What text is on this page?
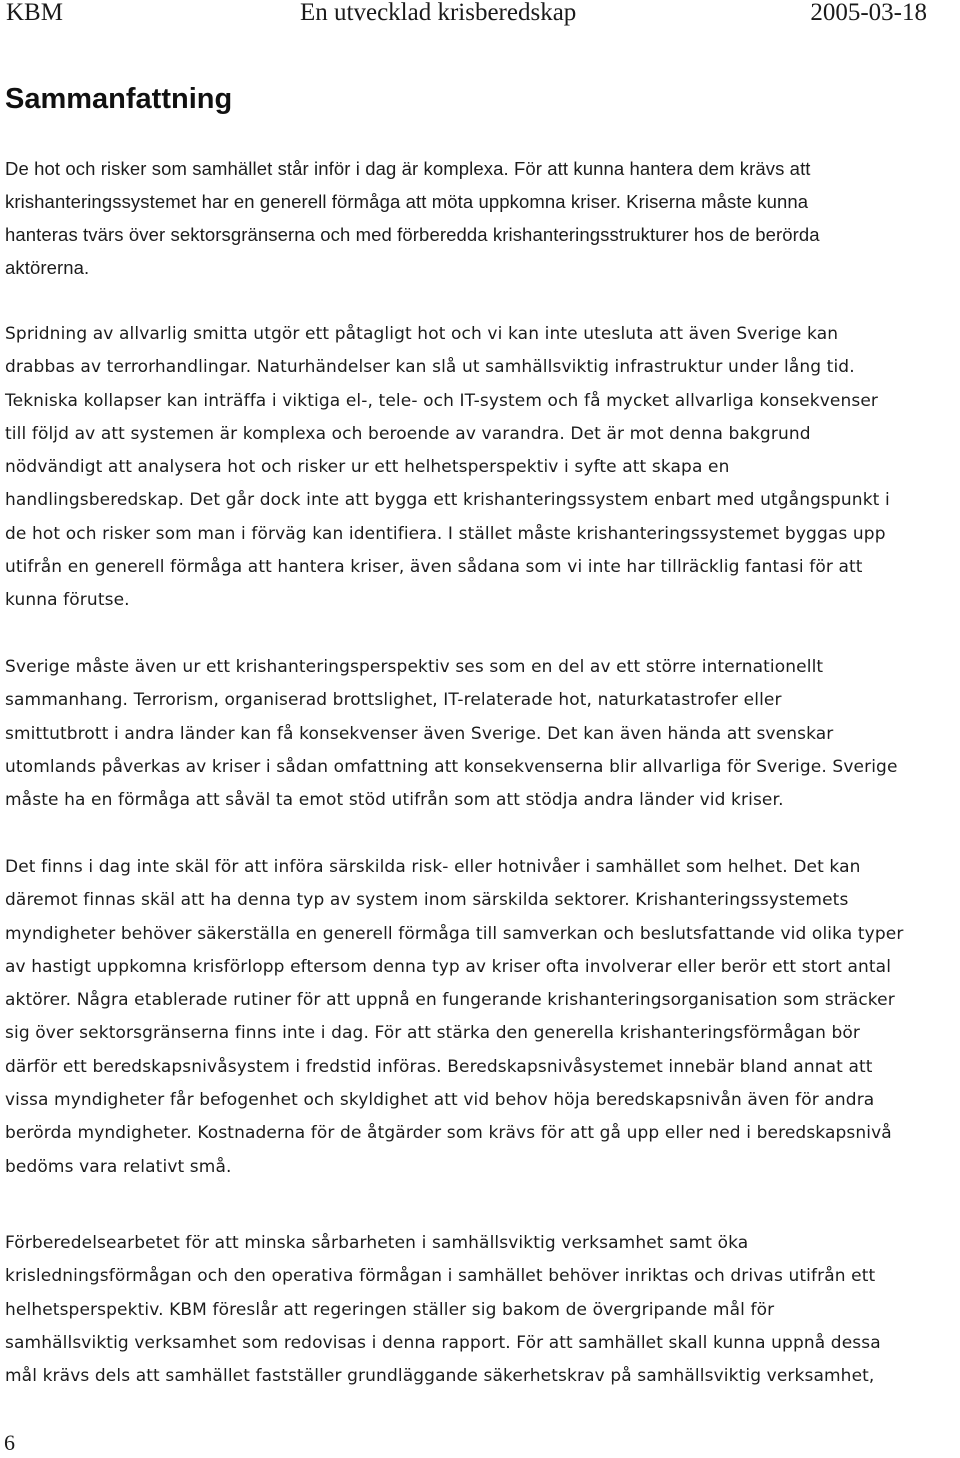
KBM	En utvecklad krisberedskap	2005-03-18
Sammanfattning

De hot och risker som samhället står inför i dag är komplexa. För att kunna hantera dem krävs att
krishanteringssystemet har en generell förmåga att möta uppkomna kriser. Kriserna måste kunna
hanteras tvärs över sektorsgränserna och med förberedda krishanteringsstrukturer hos de berörda
aktörerna.

Spridning av allvarlig smitta utgör ett påtagligt hot och vi kan inte utesluta att även Sverige kan
drabbas av terrorhandlingar. Naturhändelser kan slå ut samhällsviktig infrastruktur under lång tid.
Tekniska kollapser kan inträffa i viktiga el-, tele- och IT-system och få mycket allvarliga konsekvenser
till följd av att systemen är komplexa och beroende av varandra. Det är mot denna bakgrund
nödvändigt att analysera hot och risker ur ett helhetsperspektiv i syfte att skapa en
handlingsberedskap. Det går dock inte att bygga ett krishanteringssystem enbart med utgångspunkt i
de hot och risker som man i förväg kan identifiera. I stället måste krishanteringssystemet byggas upp
utifrån en generell förmåga att hantera kriser, även sådana som vi inte har tillräcklig fantasi för att
kunna förutse.

Sverige måste även ur ett krishanteringsperspektiv ses som en del av ett större internationellt
sammanhang. Terrorism, organiserad brottslighet, IT-relaterade hot, naturkatastrofer eller
smittutbrott i andra länder kan få konsekvenser även Sverige. Det kan även hända att svenskar
utomlands påverkas av kriser i sådan omfattning att konsekvenserna blir allvarliga för Sverige. Sverige
måste ha en förmåga att såväl ta emot stöd utifrån som att stödja andra länder vid kriser.

Det finns i dag inte skäl för att införa särskilda risk- eller hotnivåer i samhället som helhet. Det kan
däremot finnas skäl att ha denna typ av system inom särskilda sektorer. Krishanteringssystemets
myndigheter behöver säkerställa en generell förmåga till samverkan och beslutsfattande vid olika typer
av hastigt uppkomna krisförlopp eftersom denna typ av kriser ofta involverar eller berör ett stort antal
aktörer. Några etablerade rutiner för att uppnå en fungerande krishanteringsorganisation som sträcker
sig över sektorsgränserna finns inte i dag. För att stärka den generella krishanteringsförmågan bör
därför ett beredskapsnivåsystem i fredstid införas. Beredskapsnivåsystemet innebär bland annat att
vissa myndigheter får befogenhet och skyldighet att vid behov höja beredskapsnivån även för andra
berörda myndigheter. Kostnaderna för de åtgärder som krävs för att gå upp eller ned i beredskapsnivå
bedöms vara relativt små.

Förberedelsearbetet för att minska sårbarheten i samhällsviktig verksamhet samt öka
krisledningsförmågan och den operativa förmågan i samhället behöver inriktas och drivas utifrån ett
helhetsperspektiv. KBM föreslår att regeringen ställer sig bakom de övergripande mål för
samhällsviktig verksamhet som redovisas i denna rapport. För att samhället skall kunna uppnå dessa
mål krävs dels att samhället fastställer grundläggande säkerhetskrav på samhällsviktig verksamhet,

6
